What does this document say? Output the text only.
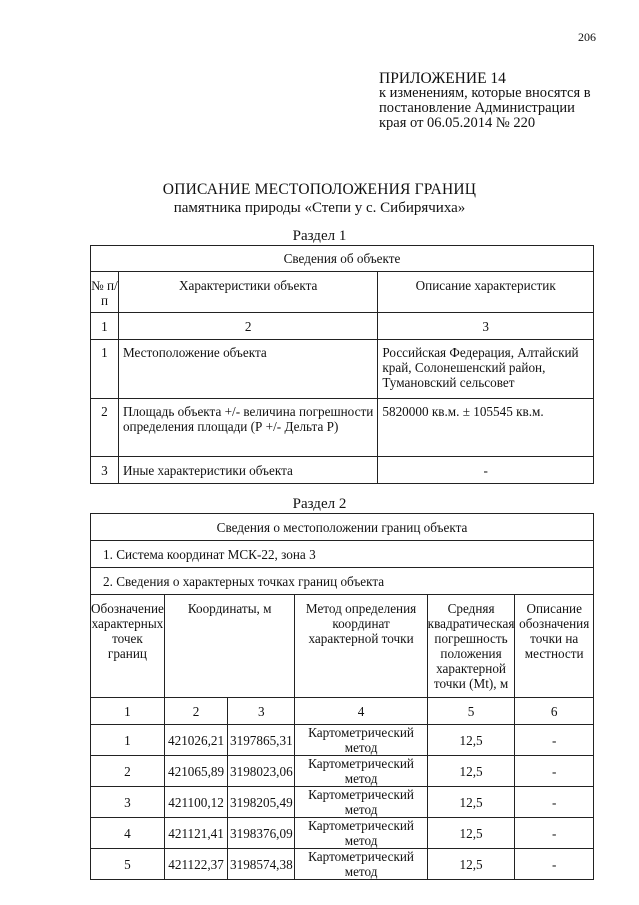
206
ПРИЛОЖЕНИЕ 14
к изменениям, которые вносятся в
постановление Администрации
края от 06.05.2014 № 220
ОПИСАНИЕ МЕСТОПОЛОЖЕНИЯ ГРАНИЦ
памятника природы «Степи у с. Сибирячиха»
Раздел 1
Сведения об объекте		
№ п/п	Характеристики объекта	Описание характеристик
1	2	3
1	Местоположение объекта	Российская Федерация, Алтайский край, Солонешенский район, Тумановский сельсовет
2	Площадь объекта +/- величина погрешности определения площади (Р +/- Дельта Р)	5820000 кв.м. ± 105545 кв.м.
3	Иные характеристики объекта	-
Раздел 2
Сведения о местоположении границ объекта					
1. Система координат МСК-22, зона 3					
2. Сведения о характерных точках границ объекта					
Обозначение характерных точек границ	Координаты, м		Метод определения координат характерной точки	Средняя квадратическая погрешность положения характерной точки (Mt), м	Описание обозначения точки на местности
1	2	3	4	5	6
1	421026,21	3197865,31	Картометрический метод	12,5	-
2	421065,89	3198023,06	Картометрический метод	12,5	-
3	421100,12	3198205,49	Картометрический метод	12,5	-
4	421121,41	3198376,09	Картометрический метод	12,5	-
5	421122,37	3198574,38	Картометрический метод	12,5	-
